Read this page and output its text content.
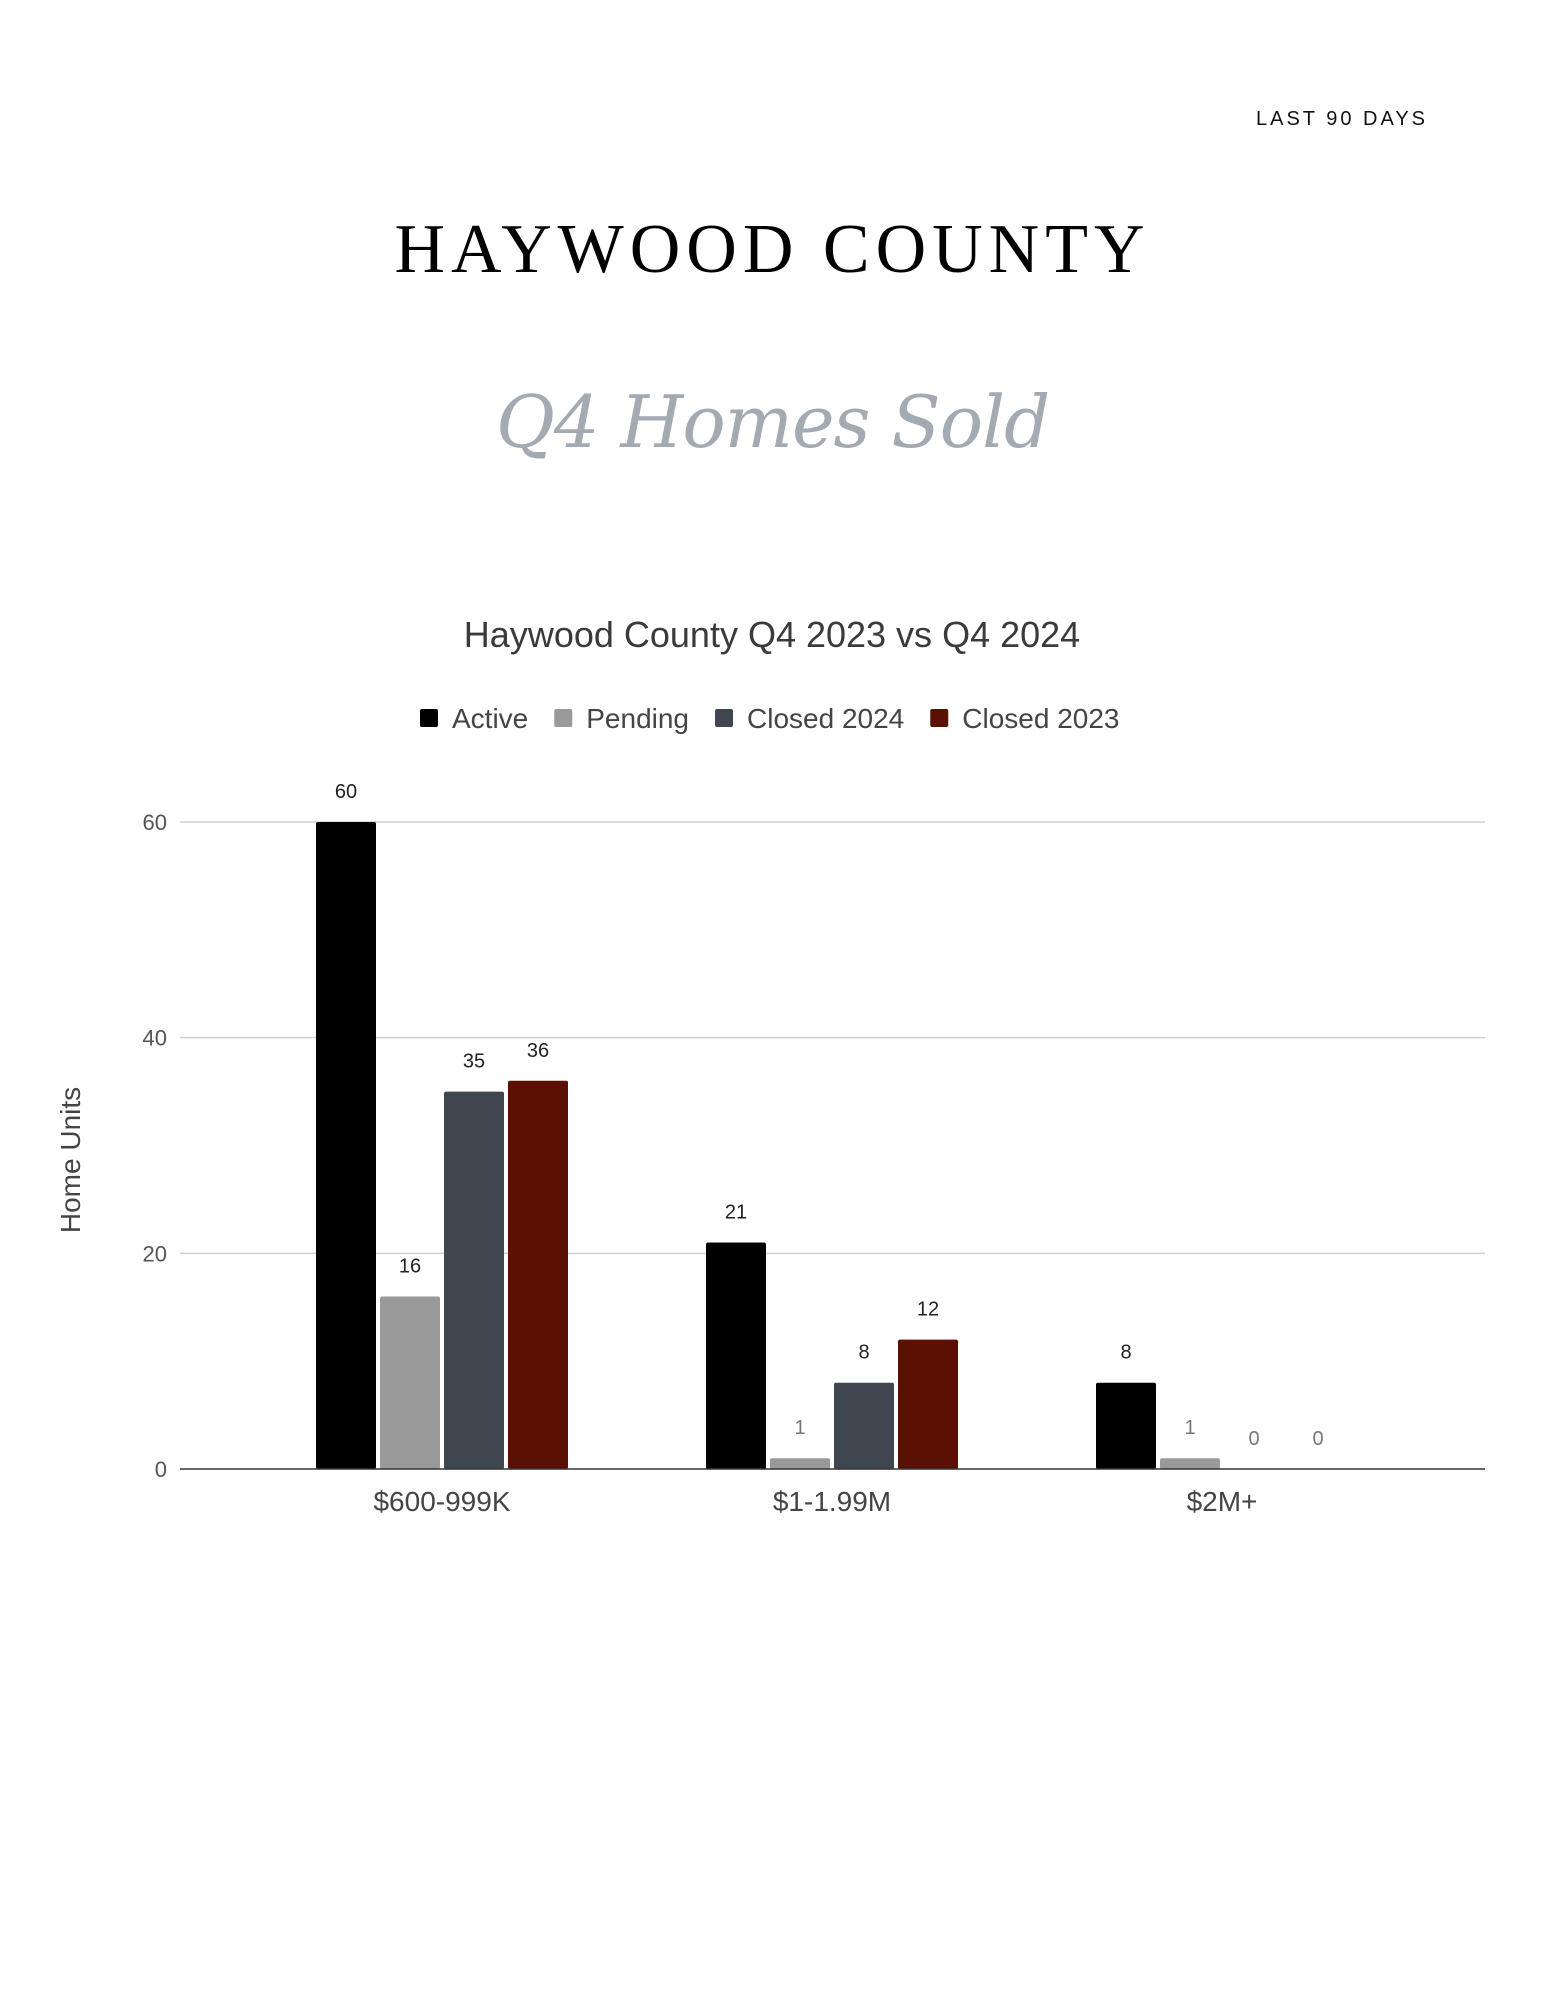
LAST 90 DAYS
HAYWOOD COUNTY
Q4 Homes Sold
Haywood County Q4 2023 vs Q4 2024
Active Pending Closed 2024 Closed 2023
0
20
40
60
Home Units
60
16
35 36
21
1
8
12
8
1	0	0
$600-999K	$1-1.99M	$2M+
